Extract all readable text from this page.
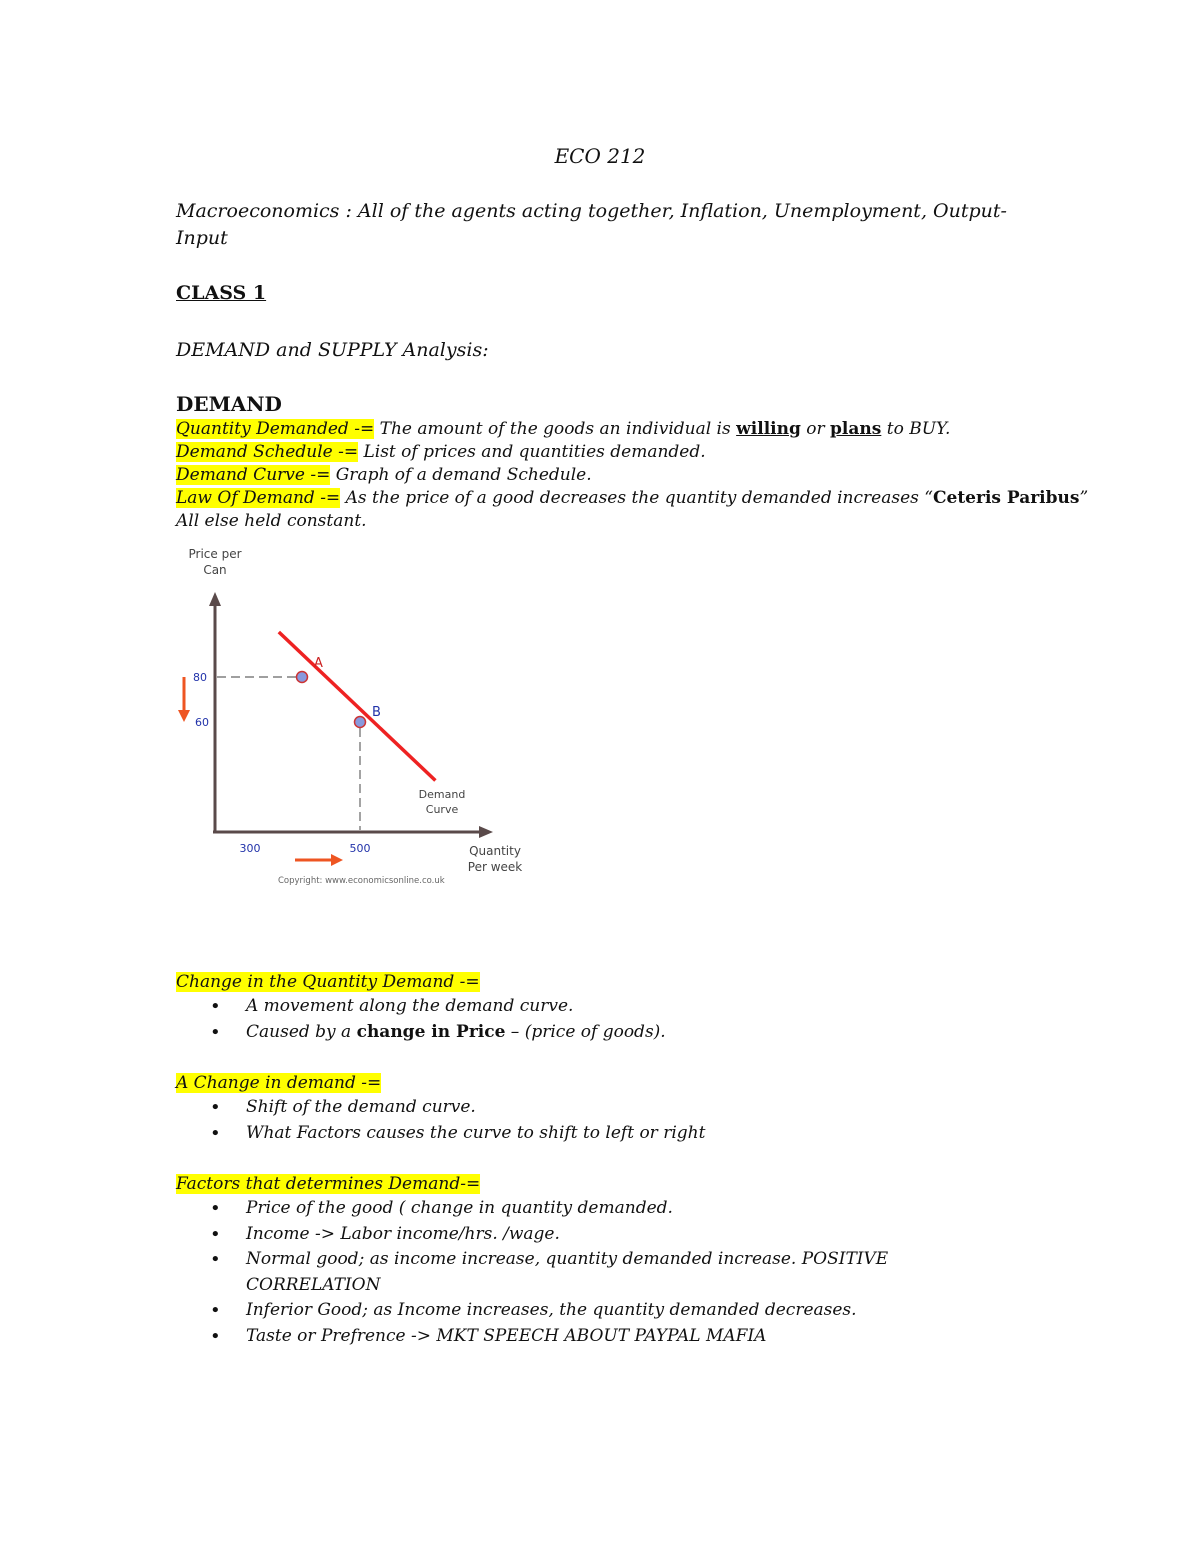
ECO 212
Macroeconomics : All of the agents acting together, Inflation, Unemployment, Output-
Input
CLASS 1
DEMAND and SUPPLY Analysis:
DEMAND
Quantity Demanded -= The amount of the goods an individual is willing or plans to BUY.
Demand Schedule -= List of prices and quantities demanded.
Demand Curve -= Graph of a demand Schedule.
Law Of Demand -= As the price of a good decreases the quantity demanded increases “Ceteris Paribus”
All else held constant.
Price per
Can
A
B
80
60
300	500
Demand
Curve
Quantity
Per week
Copyright: www.economicsonline.co.uk
Change in the Quantity Demand -=
• A movement along the demand curve.
• Caused by a change in Price – (price of goods).
A Change in demand -=
• Shift of the demand curve.
• What Factors causes the curve to shift to left or right
Factors that determines Demand-=
• Price of the good ( change in quantity demanded.
• Income -> Labor income/hrs. /wage.
• Normal good; as income increase, quantity demanded increase. POSITIVE
CORRELATION
• Inferior Good; as Income increases, the quantity demanded decreases.
• Taste or Prefrence -> MKT SPEECH ABOUT PAYPAL MAFIA
